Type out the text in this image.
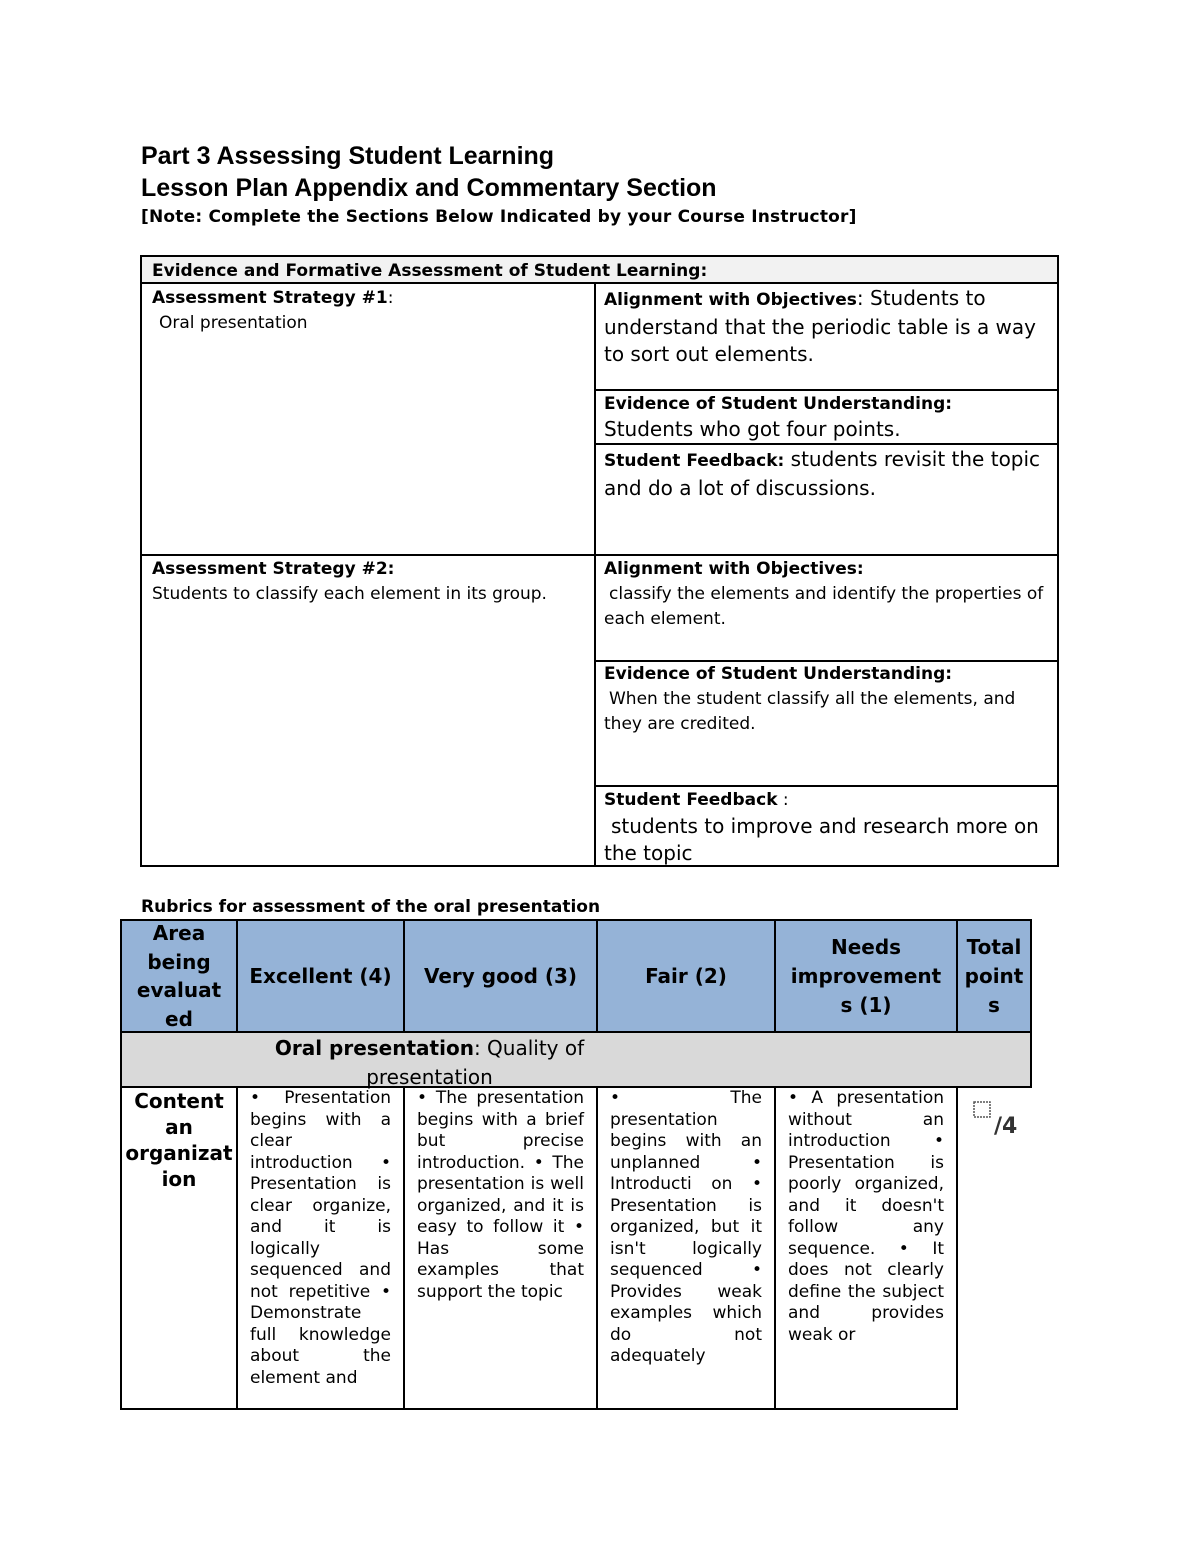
Part 3 Assessing Student Learning
Lesson Plan Appendix and Commentary Section

[Note: Complete the Sections Below Indicated by your Course Instructor]

Evidence and Formative Assessment of Student Learning:
Assessment Strategy #1:
Oral presentation
Alignment with Objectives: Students to understand that the periodic table is a way to sort out elements.
Evidence of Student Understanding:
Students who got four points.
Student Feedback: students revisit the topic and do a lot of discussions.
Assessment Strategy #2:
Students to classify each element in its group.
Alignment with Objectives:
classify the elements and identify the properties of each element.
Evidence of Student Understanding:
When the student classify all the elements, and they are credited.
Student Feedback :
students to improve and research more on the topic

Rubrics for assessment of the oral presentation

Area being evaluat ed
Excellent (4)	Very good (3)	Fair (2)
Needs improvement s (1)
Total point s
Oral presentation: Quality of presentation
Content an organizat ion
• Presentation begins with a clear introduction • Presentation is clear organize, and it is logically sequenced and not repetitive • Demonstrate full knowledge about the element and
• The presentation begins with a brief but precise introduction. • The presentation is well organized, and it is easy to follow it • Has some examples that support the topic
• The presentation begins with an unplanned • Introducti on • Presentation is organized, but it isn't logically sequenced • Provides weak examples which do not adequately
• A presentation without an introduction • Presentation is poorly organized, and it doesn't follow any sequence. • It does not clearly define the subject and provides weak or
/4
